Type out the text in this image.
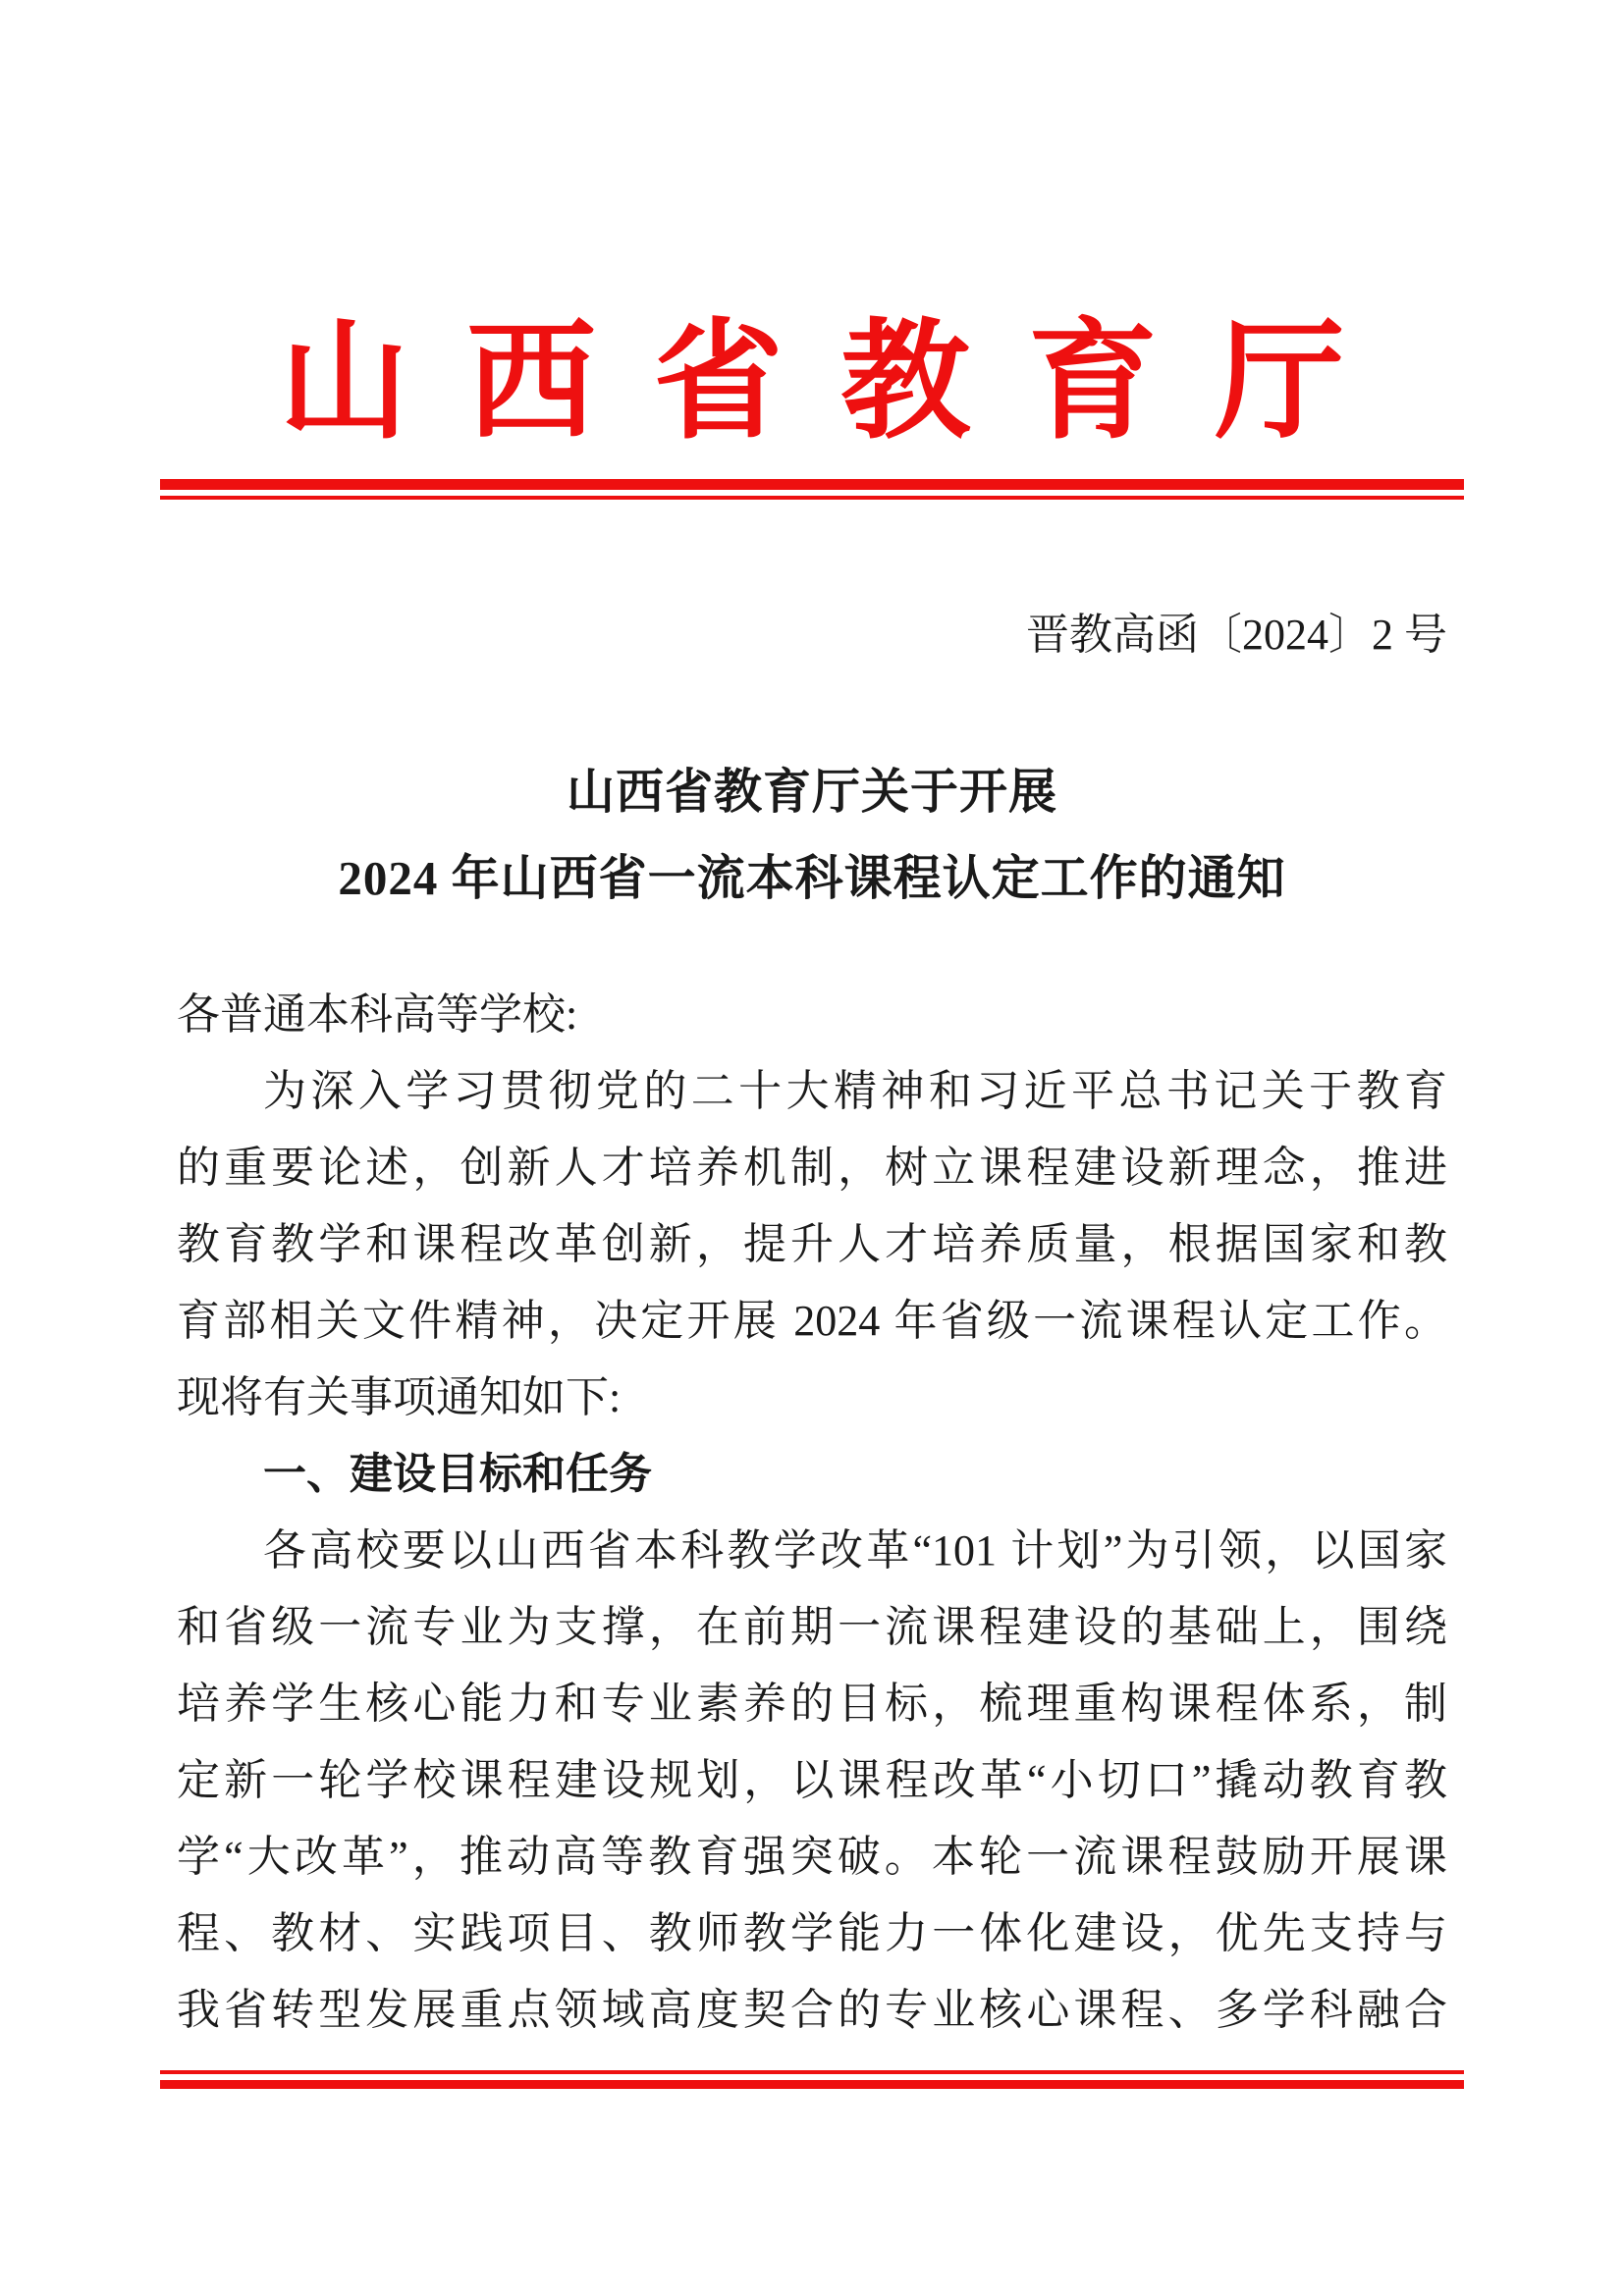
山 西 省 教 育 厅
晋教高函〔2024〕2 号
山西省教育厅关于开展
2024 年山西省一流本科课程认定工作的通知
各普通本科高等学校:
为深入学习贯彻党的二十大精神和习近平总书记关于教育
的重要论述，创新人才培养机制，树立课程建设新理念，推进
教育教学和课程改革创新，提升人才培养质量，根据国家和教
育部相关文件精神，决定开展 2024 年省级一流课程认定工作。
现将有关事项通知如下:
一、建设目标和任务
各高校要以山西省本科教学改革“101 计划”为引领，以国家
和省级一流专业为支撑，在前期一流课程建设的基础上，围绕
培养学生核心能力和专业素养的目标，梳理重构课程体系，制
定新一轮学校课程建设规划，以课程改革“小切口”撬动教育教
学“大改革”，推动高等教育强突破。本轮一流课程鼓励开展课
程、教材、实践项目、教师教学能力一体化建设，优先支持与
我省转型发展重点领域高度契合的专业核心课程、多学科融合
